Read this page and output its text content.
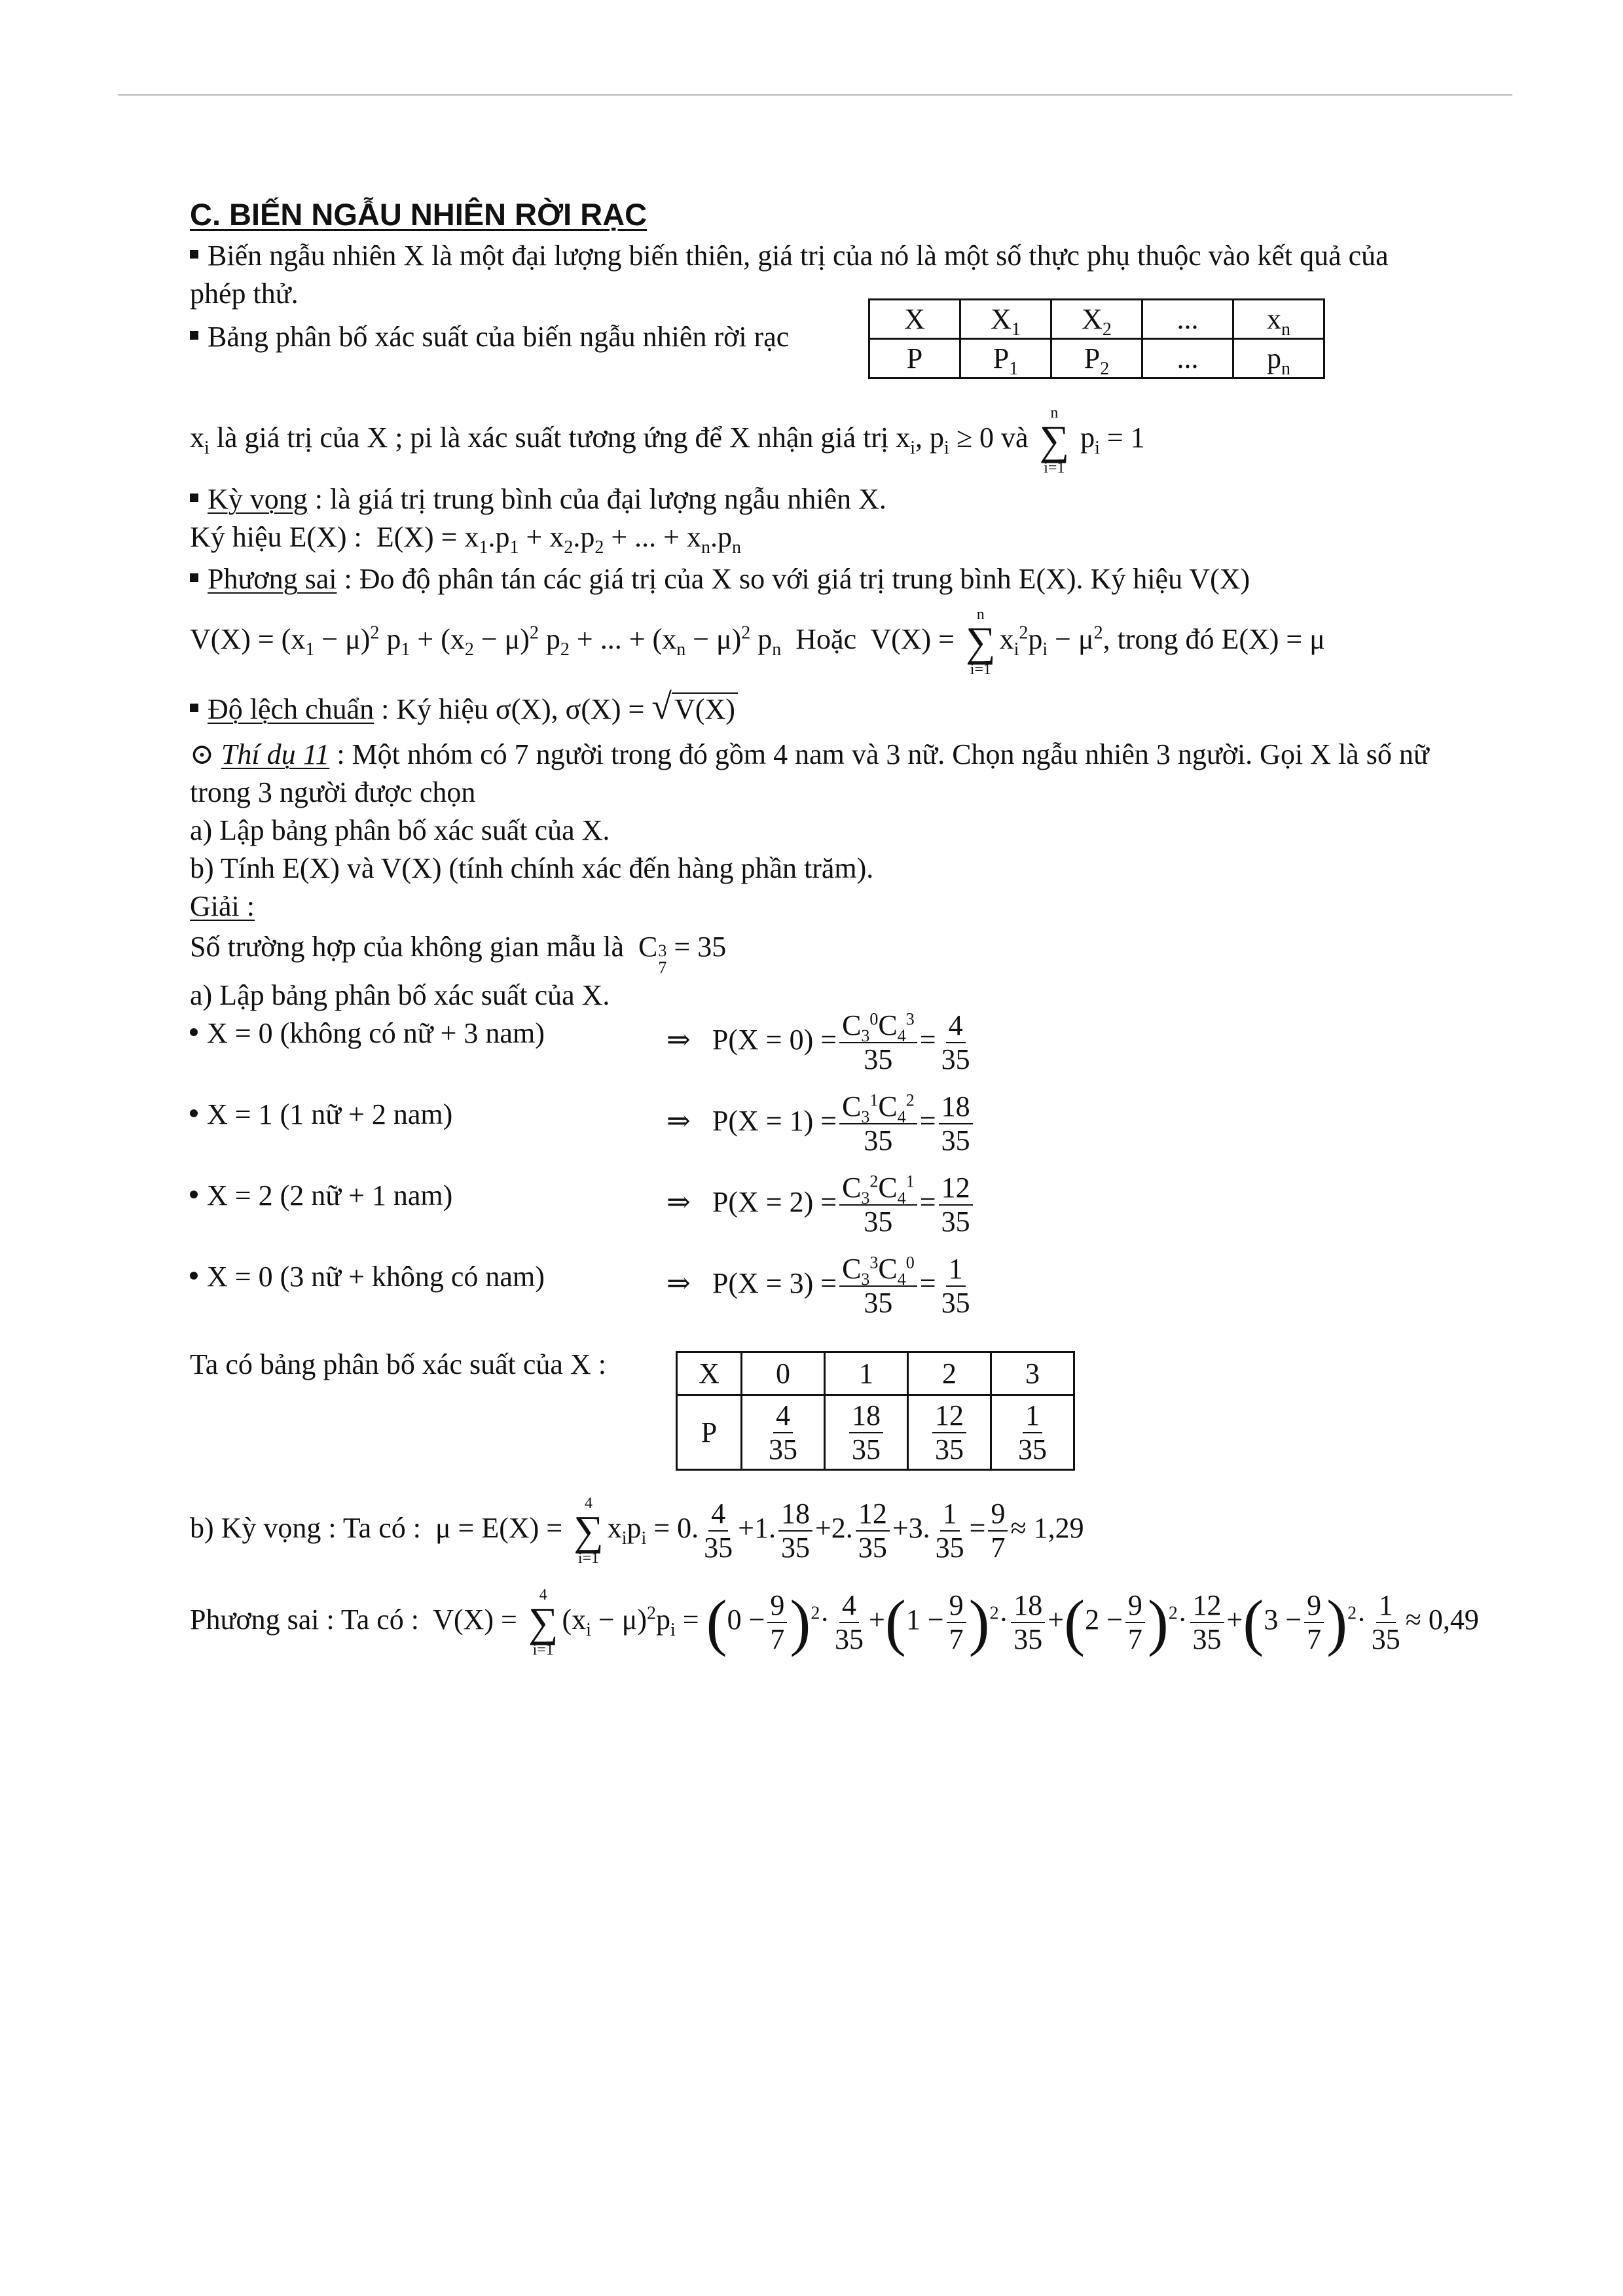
C. BIẾN NGẪU NHIÊN RỜI RẠC
Biến ngẫu nhiên X là một đại lượng biến thiên, giá trị của nó là một số thực phụ thuộc vào kết quả của
phép thử.
Bảng phân bố xác suất của biến ngẫu nhiên rời rạc
X	$X_1$	$X_2$	...	$x_n$
P	$P_1$	$P_2$	...	$p_n$
$x_i$ là giá trị của X ; pi là xác suất tương ứng để X nhận giá trị $x_i$, $p_i \ge 0$ và
n
∑
i=1
$p_i = 1$
Kỳ vọng : là giá trị trung bình của đại lượng ngẫu nhiên X.
Ký hiệu E(X) :  $E(X) = x_1.p_1 + x_2.p_2$ + ... + $x_n.p_n$
Phương sai : Đo độ phân tán các giá trị của X so với giá trị trung bình E(X). Ký hiệu V(X)
$V(X) = (x_1 - \mu)^2$ $p_1 + (x_2 - \mu)^2$ $p_2$ + ... + $(x_n - \mu)^2$ $p_n$ Hoặc  V(X) =
n
∑
i=1
$x_i^2p_i - \mu^2$, trong đó E(X) = μ
Độ lệch chuẩn : Ký hiệu σ(X), σ(X) = √ V(X)
⊙ Thí dụ 11 : Một nhóm có 7 người trong đó gồm 4 nam và 3 nữ. Chọn ngẫu nhiên 3 người. Gọi X là số nữ
trong 3 người được chọn
a) Lập bảng phân bố xác suất của X.
b) Tính E(X) và V(X) (tính chính xác đến hàng phần trăm).
Giải :
Số trường hợp của không gian mẫu là  C 3
7
= 35
a) Lập bảng phân bố xác suất của X.
X = 0 (không có nữ + 3 nam)	⇒ $P(X = 0) = \frac{C_3^0C_4^3}{35} = \frac{4}{35}$
X = 1 (1 nữ + 2 nam)	⇒ $P(X = 1) = \frac{C_3^1C_4^2}{35} = \frac{18}{35}$
X = 2 (2 nữ + 1 nam)	⇒ $P(X = 2) = \frac{C_3^2C_4^1}{35} = \frac{12}{35}$
X = 0 (3 nữ + không có nam)	⇒ $P(X = 3) = \frac{C_3^3C_4^0}{35} = \frac{1}{35}$
Ta có bảng phân bố xác suất của X :	X	0	1	2	3
P	$\frac{4}{35}$	$\frac{18}{35}$	$\frac{12}{35}$	$\frac{1}{35}$
b) Kỳ vọng : Ta có :  μ = E(X) =
4
∑
i=1
$x_ip_i = 0$. $\frac{4}{35} +1$. $\frac{18}{35} +2$. $\frac{12}{35} +3$. $\frac{1}{35} = \frac{9}{7} \approx 1,29$
Phương sai : Ta có :  V(X) =
4
∑
i=1
$(x_i - \mu)^2p_i = (0 - \frac{9}{7} )^2\cdot \frac{4}{35} +(1 - \frac{9}{7} )^2\cdot \frac{18}{35} +(2 - \frac{9}{7} )^2\cdot \frac{12}{35} +(3 - \frac{9}{7} )^2\cdot \frac{1}{35} \approx 0,49$
